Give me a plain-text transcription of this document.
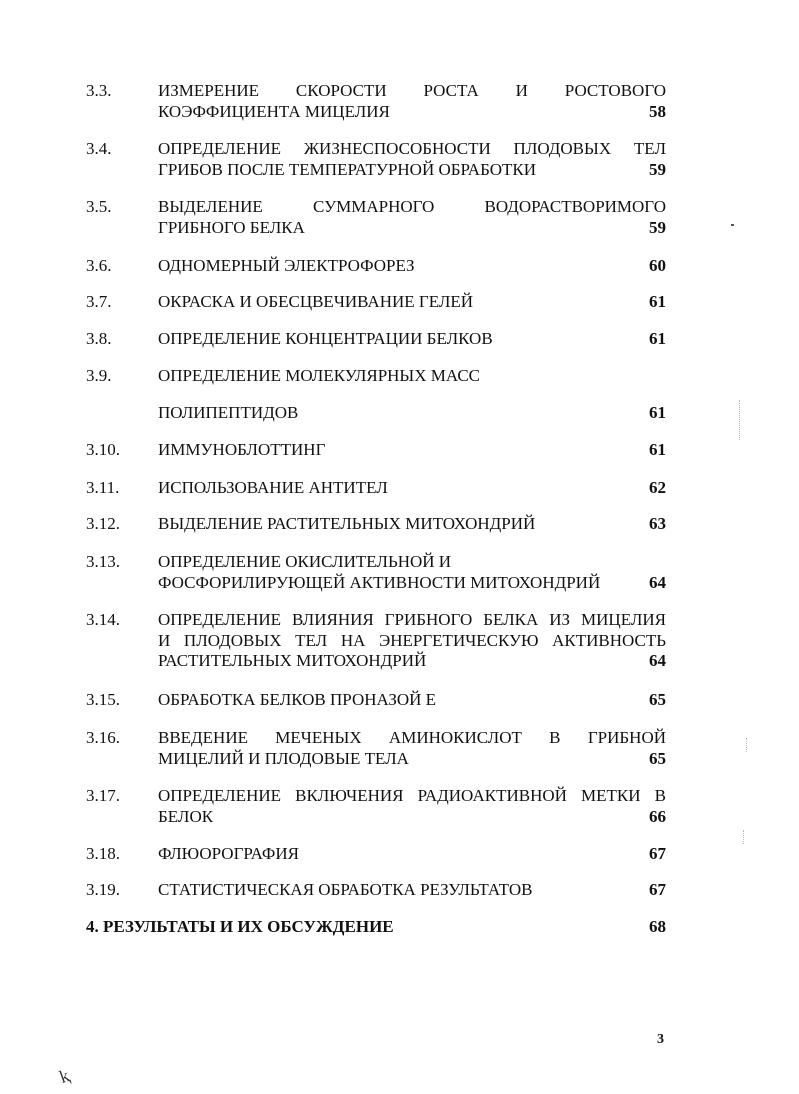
3.3.	ИЗМЕРЕНИЕ СКОРОСТИ РОСТА И РОСТОВОГО
КОЭФФИЦИЕНТА МИЦЕЛИЯ	58
3.4.	ОПРЕДЕЛЕНИЕ ЖИЗНЕСПОСОБНОСТИ ПЛОДОВЫХ ТЕЛ
ГРИБОВ ПОСЛЕ ТЕМПЕРАТУРНОЙ ОБРАБОТКИ	59
3.5.	ВЫДЕЛЕНИЕ СУММАРНОГО ВОДОРАСТВОРИМОГО
ГРИБНОГО БЕЛКА	59
3.6.	ОДНОМЕРНЫЙ ЭЛЕКТРОФОРЕЗ	60
3.7.	ОКРАСКА И ОБЕСЦВЕЧИВАНИЕ ГЕЛЕЙ	61
3.8.	ОПРЕДЕЛЕНИЕ КОНЦЕНТРАЦИИ БЕЛКОВ	61
3.9.	ОПРЕДЕЛЕНИЕ МОЛЕКУЛЯРНЫХ МАСС
ПОЛИПЕПТИДОВ	61
3.10.	ИММУНОБЛОТТИНГ	61
3.11.	ИСПОЛЬЗОВАНИЕ АНТИТЕЛ	62
3.12.	ВЫДЕЛЕНИЕ РАСТИТЕЛЬНЫХ МИТОХОНДРИЙ	63
3.13.	ОПРЕДЕЛЕНИЕ ОКИСЛИТЕЛЬНОЙ И
ФОСФОРИЛИРУЮЩЕЙ АКТИВНОСТИ МИТОХОНДРИЙ	64
3.14.	ОПРЕДЕЛЕНИЕ ВЛИЯНИЯ ГРИБНОГО БЕЛКА ИЗ МИЦЕЛИЯ
И ПЛОДОВЫХ ТЕЛ НА ЭНЕРГЕТИЧЕСКУЮ АКТИВНОСТЬ
РАСТИТЕЛЬНЫХ МИТОХОНДРИЙ	64
3.15.	ОБРАБОТКА БЕЛКОВ ПРОНАЗОЙ Е	65
3.16.	ВВЕДЕНИЕ МЕЧЕНЫХ АМИНОКИСЛОТ В ГРИБНОЙ
МИЦЕЛИЙ И ПЛОДОВЫЕ ТЕЛА	65
3.17.	ОПРЕДЕЛЕНИЕ ВКЛЮЧЕНИЯ РАДИОАКТИВНОЙ МЕТКИ В
БЕЛОК	66
3.18.	ФЛЮОРОГРАФИЯ	67
3.19.	СТАТИСТИЧЕСКАЯ ОБРАБОТКА РЕЗУЛЬТАТОВ	67
4. РЕЗУЛЬТАТЫ И ИХ ОБСУЖДЕНИЕ	68
3
ⱪ
